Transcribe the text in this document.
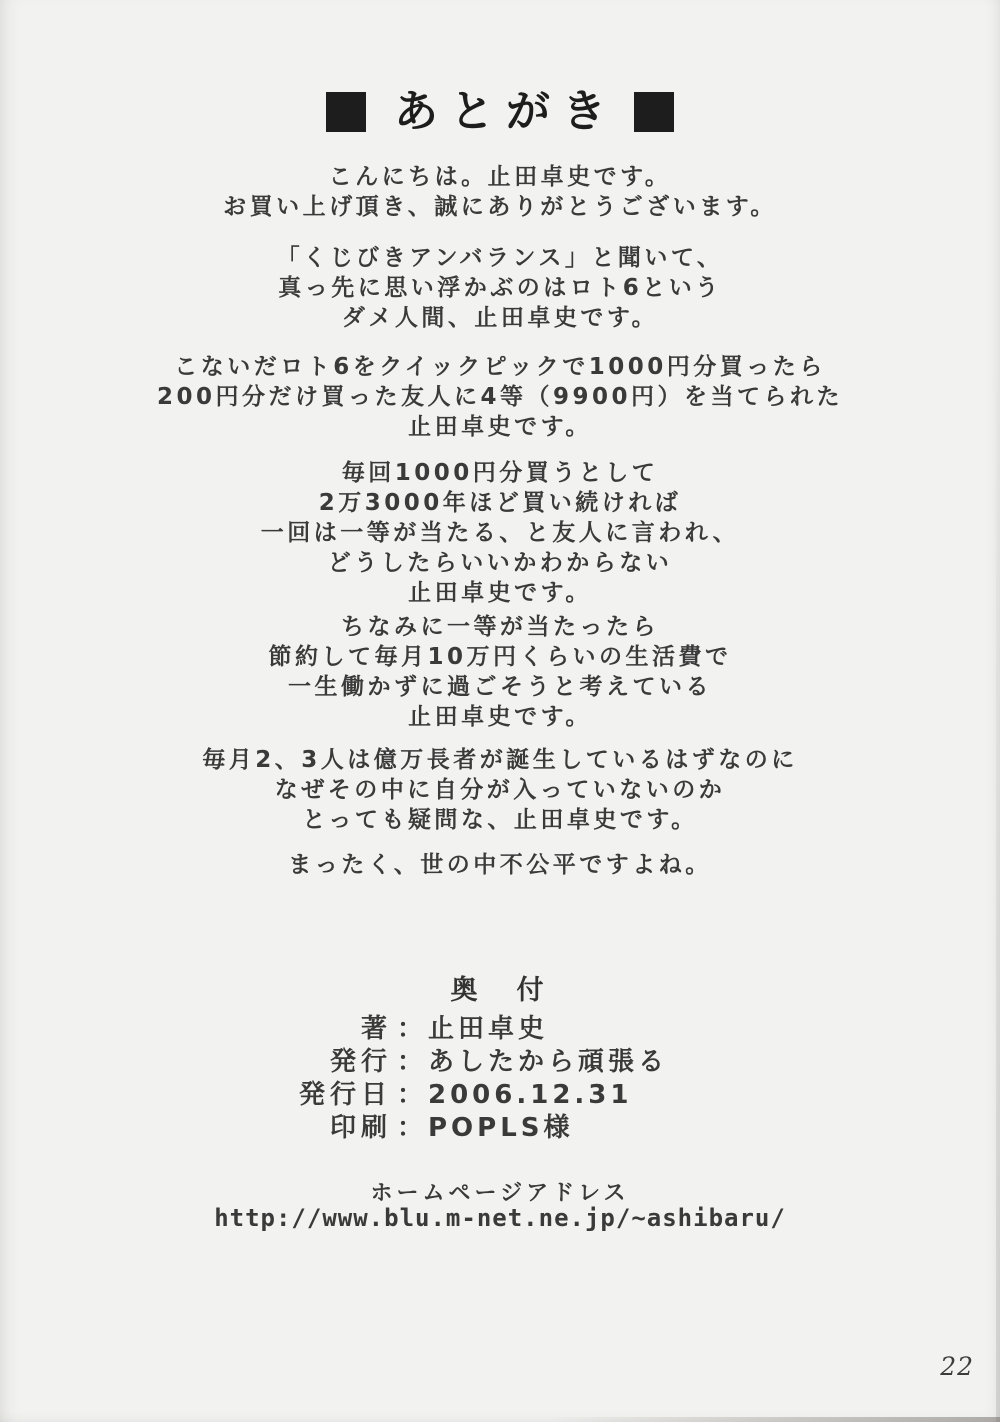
あとがき
こんにちは。止田卓史です。
お買い上げ頂き、誠にありがとうございます。
「くじびきアンバランス」と聞いて、
真っ先に思い浮かぶのはロト6という
ダメ人間、止田卓史です。
こないだロト6をクイックピックで1000円分買ったら
200円分だけ買った友人に4等（9900円）を当てられた
止田卓史です。
毎回1000円分買うとして
2万3000年ほど買い続ければ
一回は一等が当たる、と友人に言われ、
どうしたらいいかわからない
止田卓史です。
ちなみに一等が当たったら
節約して毎月10万円くらいの生活費で
一生働かずに過ごそうと考えている
止田卓史です。
毎月2、3人は億万長者が誕生しているはずなのに
なぜその中に自分が入っていないのか
とっても疑問な、止田卓史です。
まったく、世の中不公平ですよね。
奥　付
著 ： 止田卓史
発行 ： あしたから頑張る
発行日 ： 2006.12.31
印刷 ： POPLS様
ホームページアドレス
http://www.blu.m-net.ne.jp/~ashibaru/
22
